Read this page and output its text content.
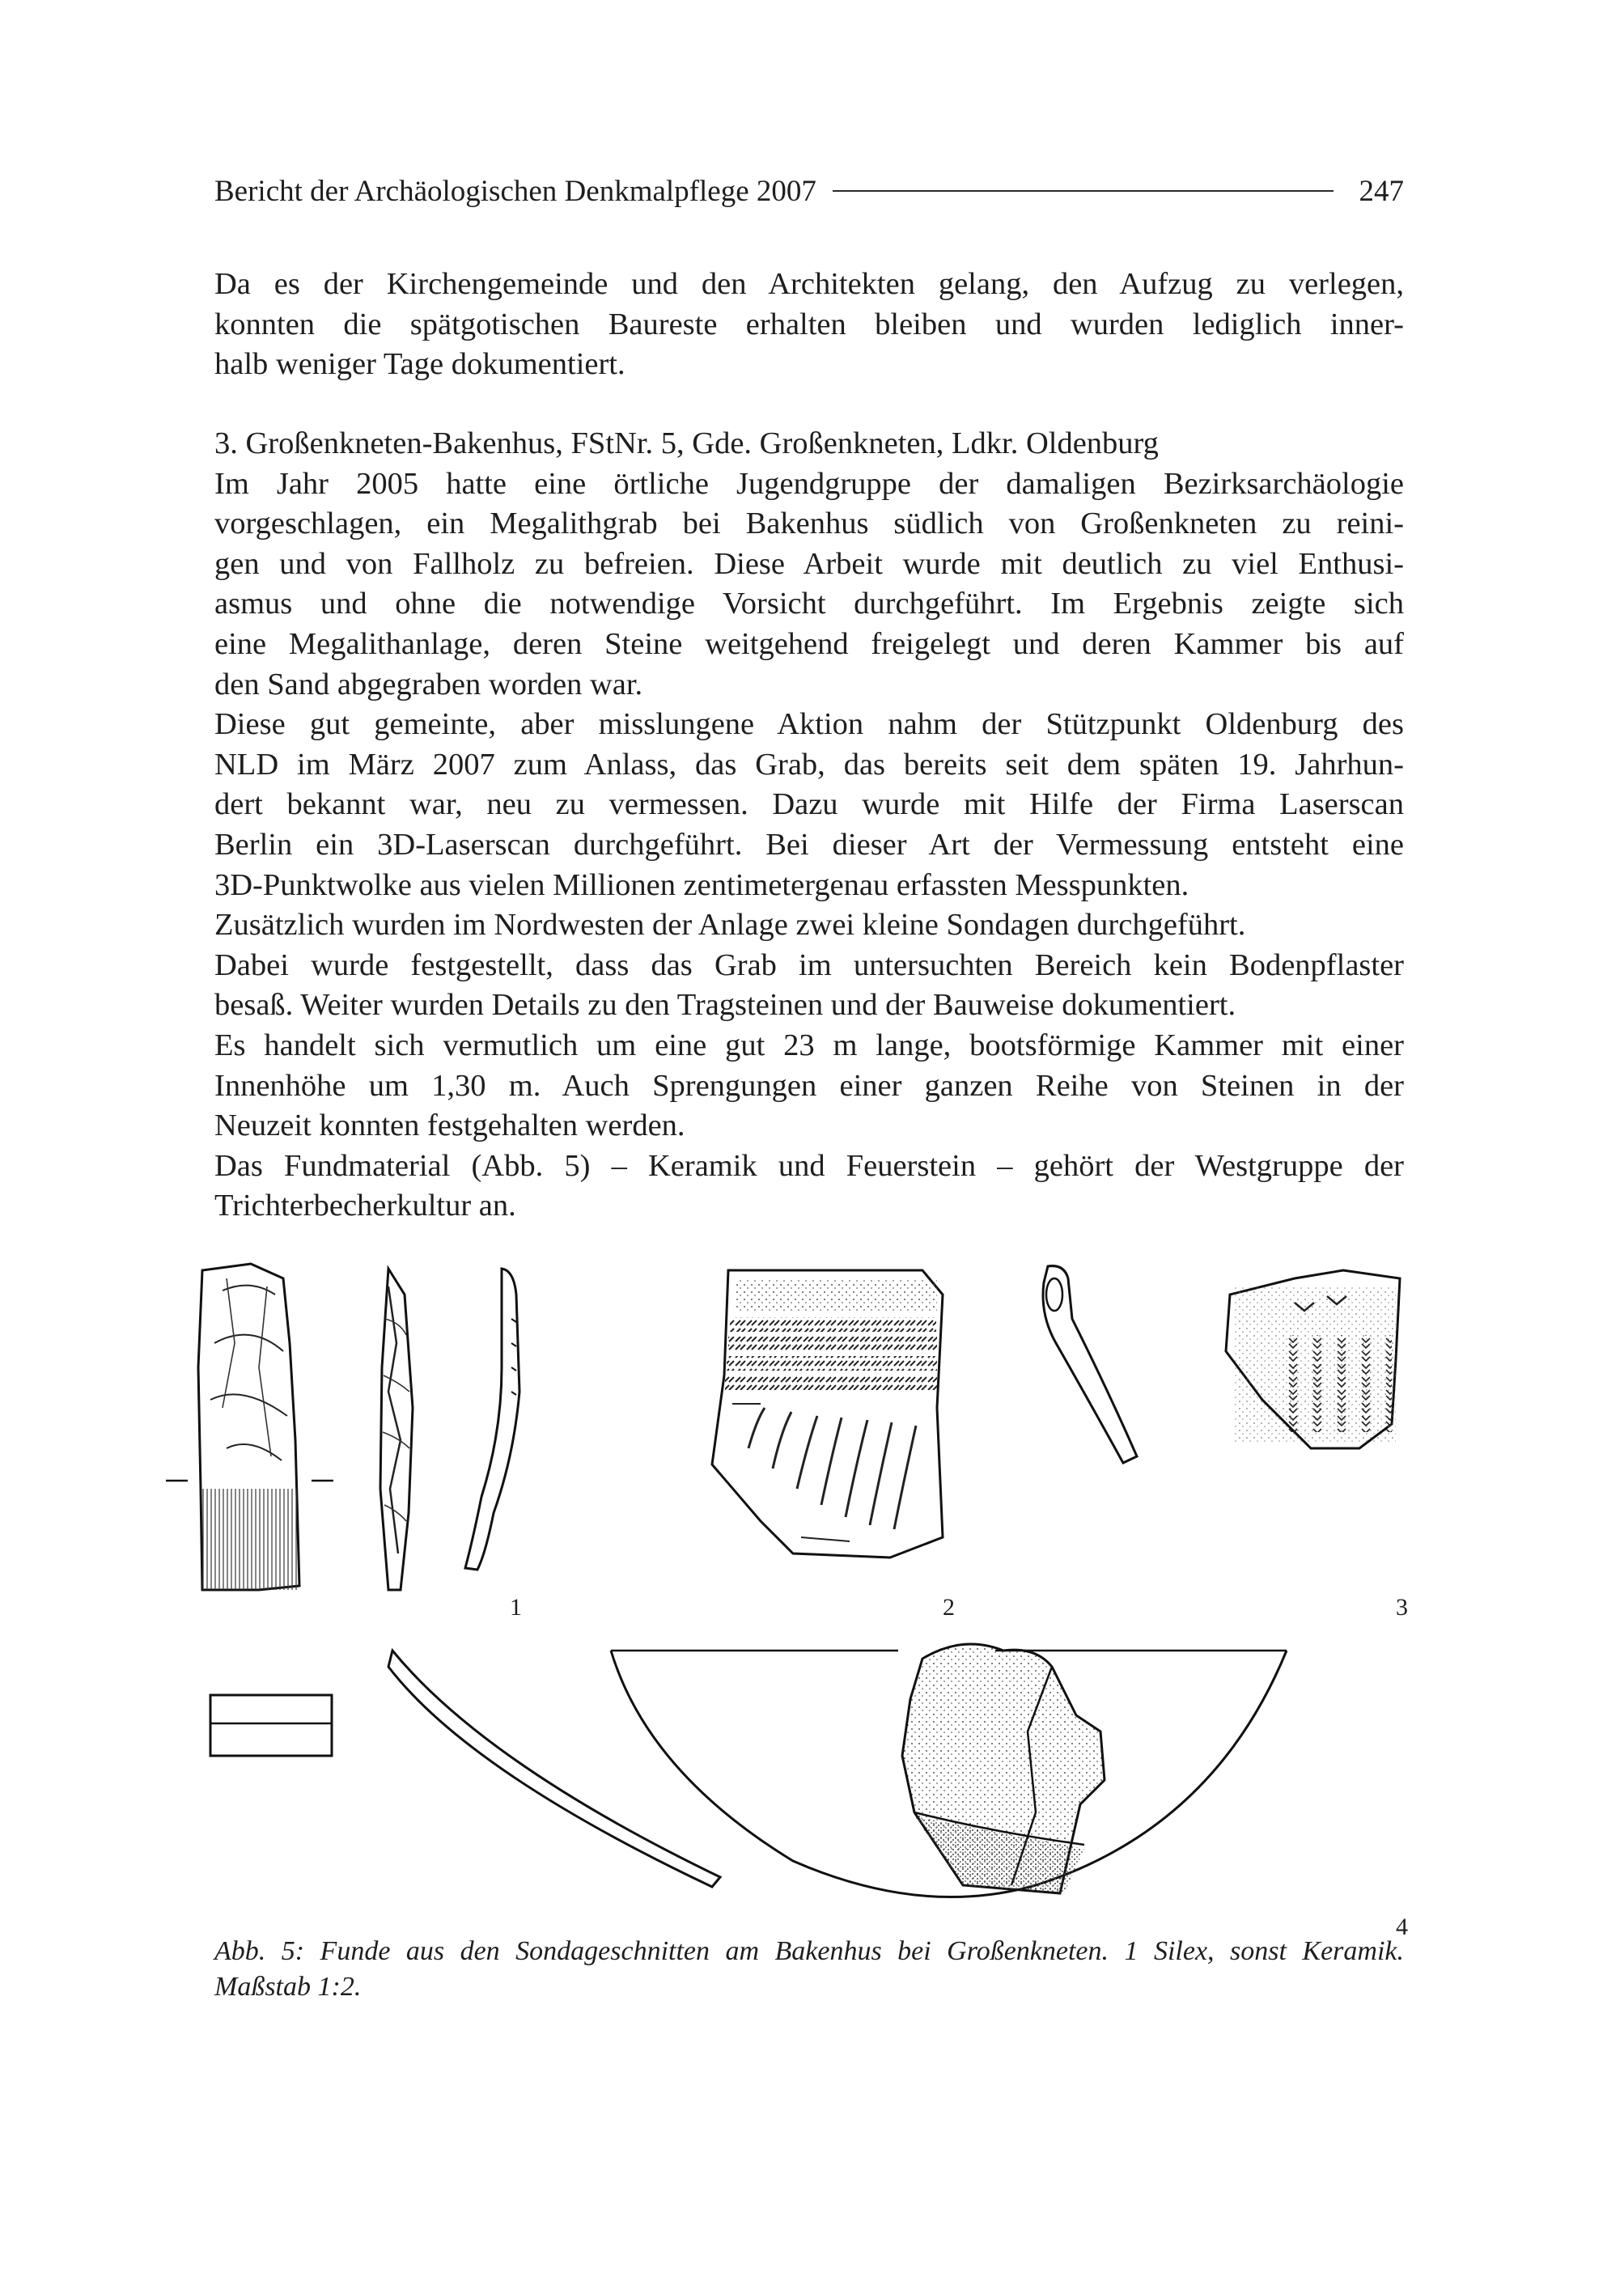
Bericht der Archäologischen Denkmalpflege 2007	247

Da es der Kirchengemeinde und den Architekten gelang, den Aufzug zu verlegen,

konnten die spätgotischen Baureste erhalten bleiben und wurden lediglich inner-

halb weniger Tage dokumentiert.

3. Großenkneten-Bakenhus, FStNr. 5, Gde. Großenkneten, Ldkr. Oldenburg

Im Jahr 2005 hatte eine örtliche Jugendgruppe der damaligen Bezirksarchäologie

vorgeschlagen, ein Megalithgrab bei Bakenhus südlich von Großenkneten zu reini-

gen und von Fallholz zu befreien. Diese Arbeit wurde mit deutlich zu viel Enthusi-

asmus und ohne die notwendige Vorsicht durchgeführt. Im Ergebnis zeigte sich

eine Megalithanlage, deren Steine weitgehend freigelegt und deren Kammer bis auf

den Sand abgegraben worden war.

Diese gut gemeinte, aber misslungene Aktion nahm der Stützpunkt Oldenburg des

NLD im März 2007 zum Anlass, das Grab, das bereits seit dem späten 19. Jahrhun-

dert bekannt war, neu zu vermessen. Dazu wurde mit Hilfe der Firma Laserscan

Berlin ein 3D-Laserscan durchgeführt. Bei dieser Art der Vermessung entsteht eine

3D-Punktwolke aus vielen Millionen zentimetergenau erfassten Messpunkten.

Zusätzlich wurden im Nordwesten der Anlage zwei kleine Sondagen durchgeführt.

Dabei wurde festgestellt, dass das Grab im untersuchten Bereich kein Bodenpflaster

besaß. Weiter wurden Details zu den Tragsteinen und der Bauweise dokumentiert.

Es handelt sich vermutlich um eine gut 23 m lange, bootsförmige Kammer mit einer

Innenhöhe um 1,30 m. Auch Sprengungen einer ganzen Reihe von Steinen in der

Neuzeit konnten festgehalten werden.

Das Fundmaterial (Abb. 5) – Keramik und Feuerstein – gehört der Westgruppe der

Trichterbecherkultur an.

1	2	3
4
Abb. 5: Funde aus den Sondageschnitten am Bakenhus bei Großenkneten. 1 Silex, sonst Keramik.
Maßstab 1:2.
